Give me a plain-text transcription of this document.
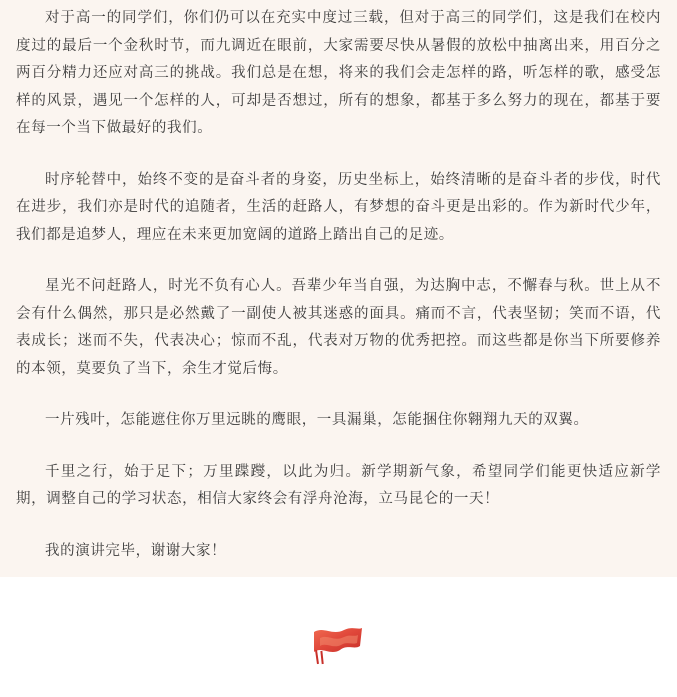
对于高一的同学们，你们仍可以在充实中度过三载，但对于高三的同学们，这是我们在校内度过的最后一个金秋时节，而九调近在眼前，大家需要尽快从暑假的放松中抽离出来，用百分之两百分精力还应对高三的挑战。我们总是在想，将来的我们会走怎样的路，听怎样的歌，感受怎样的风景，遇见一个怎样的人，可却是否想过，所有的想象，都基于多么努力的现在，都基于要在每一个当下做最好的我们。

时序轮替中，始终不变的是奋斗者的身姿，历史坐标上，始终清晰的是奋斗者的步伐，时代在进步，我们亦是时代的追随者，生活的赶路人，有梦想的奋斗更是出彩的。作为新时代少年，我们都是追梦人，理应在未来更加宽阔的道路上踏出自己的足迹。

星光不问赶路人，时光不负有心人。吾辈少年当自强，为达胸中志，不懈春与秋。世上从不会有什么偶然，那只是必然戴了一副使人被其迷惑的面具。痛而不言，代表坚韧；笑而不语，代表成长；迷而不失，代表决心；惊而不乱，代表对万物的优秀把控。而这些都是你当下所要修养的本领，莫要负了当下，余生才觉后悔。

一片残叶，怎能遮住你万里远眺的鹰眼，一具漏巢，怎能捆住你翱翔九天的双翼。

千里之行，始于足下；万里蹀躞，以此为归。新学期新气象，希望同学们能更快适应新学期，调整自己的学习状态，相信大家终会有浮舟沧海，立马昆仑的一天！

我的演讲完毕，谢谢大家！
